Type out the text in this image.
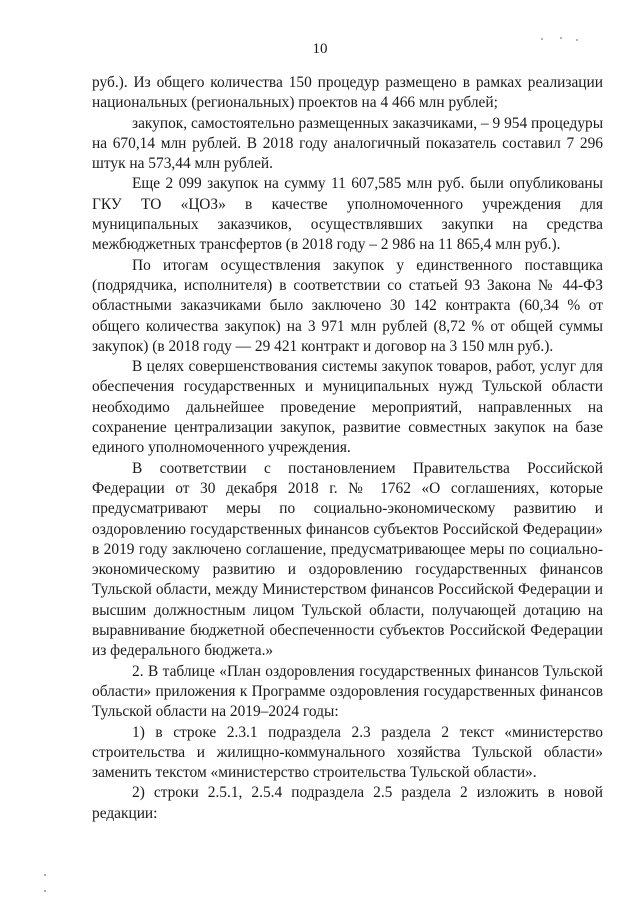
10
руб.). Из общего количества 150 процедур размещено в рамках реализации
национальных (региональных) проектов на 4 466 млн рублей;
закупок, самостоятельно размещенных заказчиками, – 9 954 процедуры
на 670,14 млн рублей. В 2018 году аналогичный показатель составил 7 296
штук на 573,44 млн рублей.
Еще 2 099 закупок на сумму 11 607,585 млн руб. были опубликованы
ГКУ ТО «ЦОЗ» в качестве уполномоченного учреждения для
муниципальных заказчиков, осуществлявших закупки на средства
межбюджетных трансфертов (в 2018 году – 2 986 на 11 865,4 млн руб.).
По итогам осуществления закупок у единственного поставщика
(подрядчика, исполнителя) в соответствии со статьей 93 Закона № 44-ФЗ
областными заказчиками было заключено 30 142 контракта (60,34 % от
общего количества закупок) на 3 971 млн рублей (8,72 % от общей суммы
закупок) (в 2018 году — 29 421 контракт и договор на 3 150 млн руб.).
В целях совершенствования системы закупок товаров, работ, услуг для
обеспечения государственных и муниципальных нужд Тульской области
необходимо дальнейшее проведение мероприятий, направленных на
сохранение централизации закупок, развитие совместных закупок на базе
единого уполномоченного учреждения.
В соответствии с постановлением Правительства Российской
Федерации от 30 декабря 2018 г. № 1762 «О соглашениях, которые
предусматривают меры по социально-экономическому развитию и
оздоровлению государственных финансов субъектов Российской Федерации»
в 2019 году заключено соглашение, предусматривающее меры по социально-
экономическому развитию и оздоровлению государственных финансов
Тульской области, между Министерством финансов Российской Федерации и
высшим должностным лицом Тульской области, получающей дотацию на
выравнивание бюджетной обеспеченности субъектов Российской Федерации
из федерального бюджета.»
2. В таблице «План оздоровления государственных финансов Тульской
области» приложения к Программе оздоровления государственных финансов
Тульской области на 2019–2024 годы:
1) в строке 2.3.1 подраздела 2.3 раздела 2 текст «министерство
строительства и жилищно-коммунального хозяйства Тульской области»
заменить текстом «министерство строительства Тульской области».
2) строки 2.5.1, 2.5.4 подраздела 2.5 раздела 2 изложить в новой
редакции:
